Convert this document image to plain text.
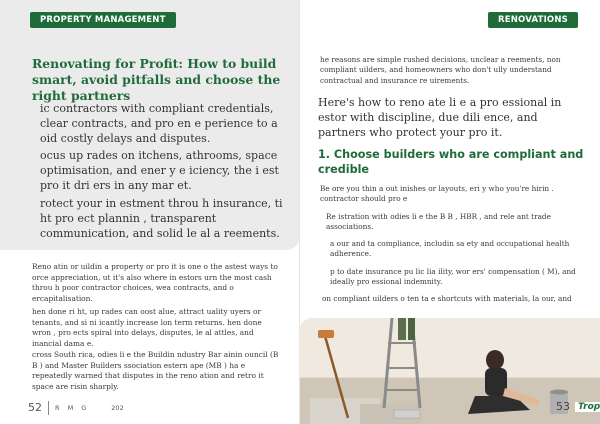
PROPERTY MANAGEMENT
Renovating for Profit: How to build smart, avoid pitfalls and choose the right partners

ic contractors with compliant credentials, clear contracts, and pro en e perience to a oid costly delays and disputes.

ocus up rades on itchens, athrooms, space optimisation, and ener y e iciency, the i est pro it dri ers in any mar et.

rotect your in estment throu h insurance, ti ht pro ect plannin , transparent communication, and solid le al a reements.

Reno atin or uildin a property or pro it is one o the astest ways to orce appreciation, ut it's also where in estors urn the most cash throu h poor contractor choices, wea contracts, and o ercapitalisation.

hen done ri ht, up rades can oost alue, attract uality uyers or tenants, and si ni icantly increase lon term returns. hen done wron , pro ects spiral into delays, disputes, le al attles, and inancial dama e.

cross South rica, odies li e the Buildin ndustry Bar ainin ouncil (B B ) and Master Builders ssociation estern ape (MB ) ha e repeatedly warned that disputes in the reno ation and retro it space are risin sharply.

52 R M G	202
RENOVATIONS

he reasons are simple rushed decisions, unclear a reements, non compliant uilders, and homeowners who don't ully understand contractual and insurance re uirements.

Here's how to reno ate li e a pro essional in estor with discipline, due dili ence, and partners who protect your pro it.

1. Choose builders who are compliant and credible

Be ore you thin a out inishes or layouts, eri y who you're hirin . contractor should pro e

Re istration with odies li e the B B , HBR , and rele ant trade associations.

a our and ta compliance, includin sa ety and occupational health adherence.

p to date insurance pu lic lia ility, wor ers' compensation ( M), and ideally pro essional indemnity.

on compliant uilders o ten ta e shortcuts with materials, la our, and

53 Trop
